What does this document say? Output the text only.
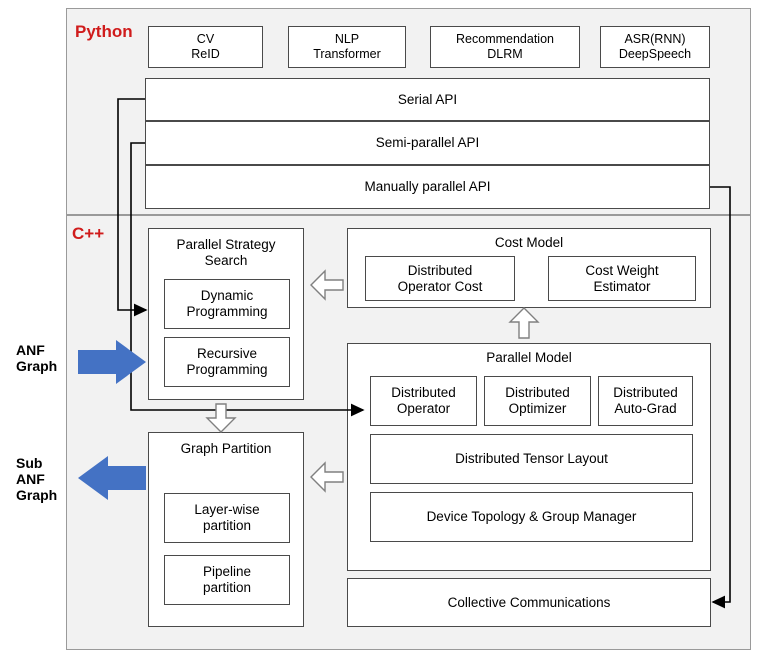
Python	CV
ReID
NLP
Transformer
Recommendation
DLRM
ASR(RNN)
DeepSpeech
Serial API
Semi-parallel API
Manually parallel API
C++
Parallel Strategy
Search
Dynamic
Programming
Recursive
Programming
Graph Partition
Layer-wise
partition
Pipeline
partition
Cost Model
Distributed
Operator Cost
Cost Weight
Estimator
Parallel Model
Distributed
Operator
Distributed
Optimizer
Distributed
Auto-Grad
Distributed Tensor Layout
Device Topology & Group Manager
Collective Communications
ANF
Graph
Sub
ANF
Graph
